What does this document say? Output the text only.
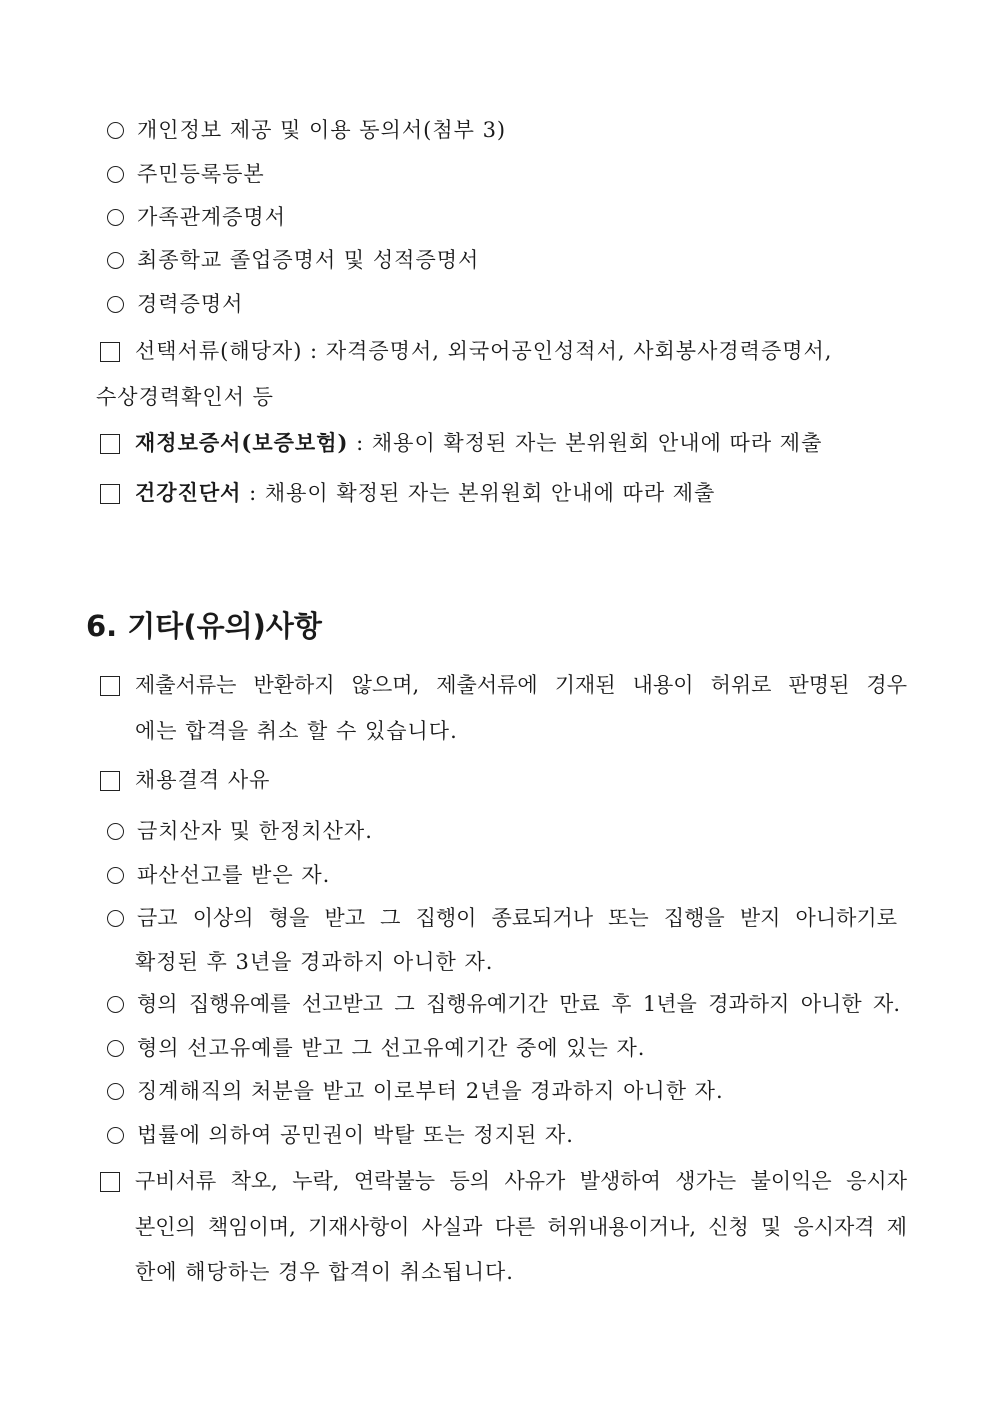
개인정보 제공 및 이용 동의서(첨부 3)
주민등록등본
가족관계증명서
최종학교 졸업증명서 및 성적증명서
경력증명서
선택서류(해당자) : 자격증명서, 외국어공인성적서, 사회봉사경력증명서,
수상경력확인서 등
재정보증서(보증보험) : 채용이 확정된 자는 본위원회 안내에 따라 제출
건강진단서 : 채용이 확정된 자는 본위원회 안내에 따라 제출
6. 기타(유의)사항
제출서류는 반환하지 않으며, 제출서류에 기재된 내용이 허위로 판명된 경우
에는 합격을 취소 할 수 있습니다.
채용결격 사유
금치산자 및 한정치산자.
파산선고를 받은 자.
금고 이상의 형을 받고 그 집행이 종료되거나 또는 집행을 받지 아니하기로
확정된 후 3년을 경과하지 아니한 자.
형의 집행유예를 선고받고 그 집행유예기간 만료 후 1년을 경과하지 아니한 자.
형의 선고유예를 받고 그 선고유예기간 중에 있는 자.
징계해직의 처분을 받고 이로부터 2년을 경과하지 아니한 자.
법률에 의하여 공민권이 박탈 또는 정지된 자.
구비서류 착오, 누락, 연락불능 등의 사유가 발생하여 생가는 불이익은 응시자
본인의 책임이며, 기재사항이 사실과 다른 허위내용이거나, 신청 및 응시자격 제
한에 해당하는 경우 합격이 취소됩니다.
